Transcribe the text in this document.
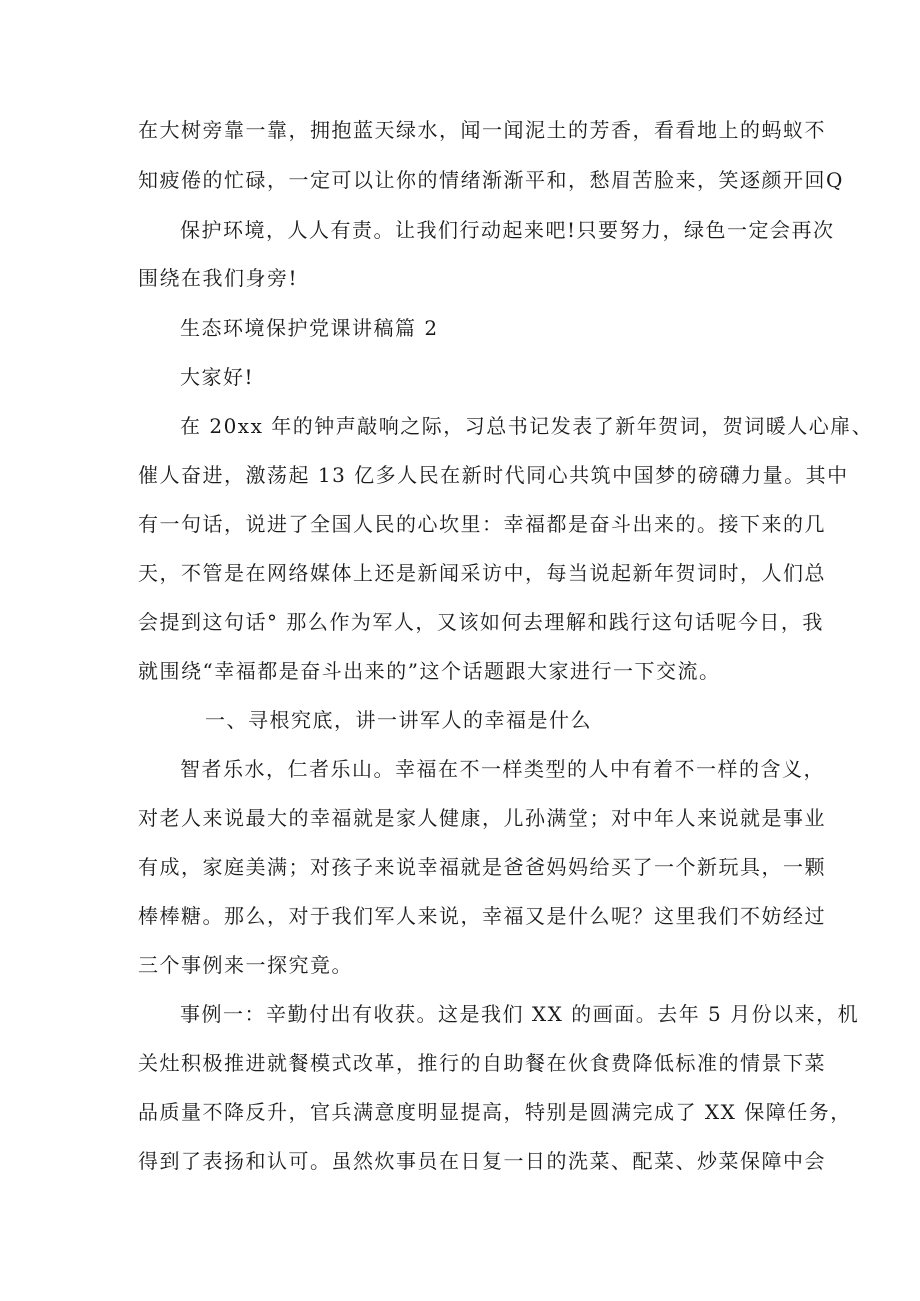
在大树旁靠一靠，拥抱蓝天绿水，闻一闻泥土的芳香，看看地上的蚂蚁不
知疲倦的忙碌，一定可以让你的情绪渐渐平和，愁眉苦脸来，笑逐颜开回Q
保护环境，人人有责。让我们行动起来吧!只要努力，绿色一定会再次
围绕在我们身旁!
生态环境保护党课讲稿篇 2
大家好!
在 20xx 年的钟声敲响之际，习总书记发表了新年贺词，贺词暖人心扉、
催人奋进，激荡起 13 亿多人民在新时代同心共筑中国梦的磅礴力量。其中
有一句话，说进了全国人民的心坎里：幸福都是奋斗出来的。接下来的几
天，不管是在网络媒体上还是新闻采访中，每当说起新年贺词时，人们总
会提到这句话° 那么作为军人，又该如何去理解和践行这句话呢今日，我
就围绕“幸福都是奋斗出来的”这个话题跟大家进行一下交流。
一、寻根究底，讲一讲军人的幸福是什么
智者乐水，仁者乐山。幸福在不一样类型的人中有着不一样的含义，
对老人来说最大的幸福就是家人健康，儿孙满堂；对中年人来说就是事业
有成，家庭美满；对孩子来说幸福就是爸爸妈妈给买了一个新玩具，一颗
棒棒糖。那么，对于我们军人来说，幸福又是什么呢？这里我们不妨经过
三个事例来一探究竟。
事例一：辛勤付出有收获。这是我们 XX 的画面。去年 5 月份以来，机
关灶积极推进就餐模式改革，推行的自助餐在伙食费降低标准的情景下菜
品质量不降反升，官兵满意度明显提高，特别是圆满完成了 XX 保障任务，
得到了表扬和认可。虽然炊事员在日复一日的洗菜、配菜、炒菜保障中会
